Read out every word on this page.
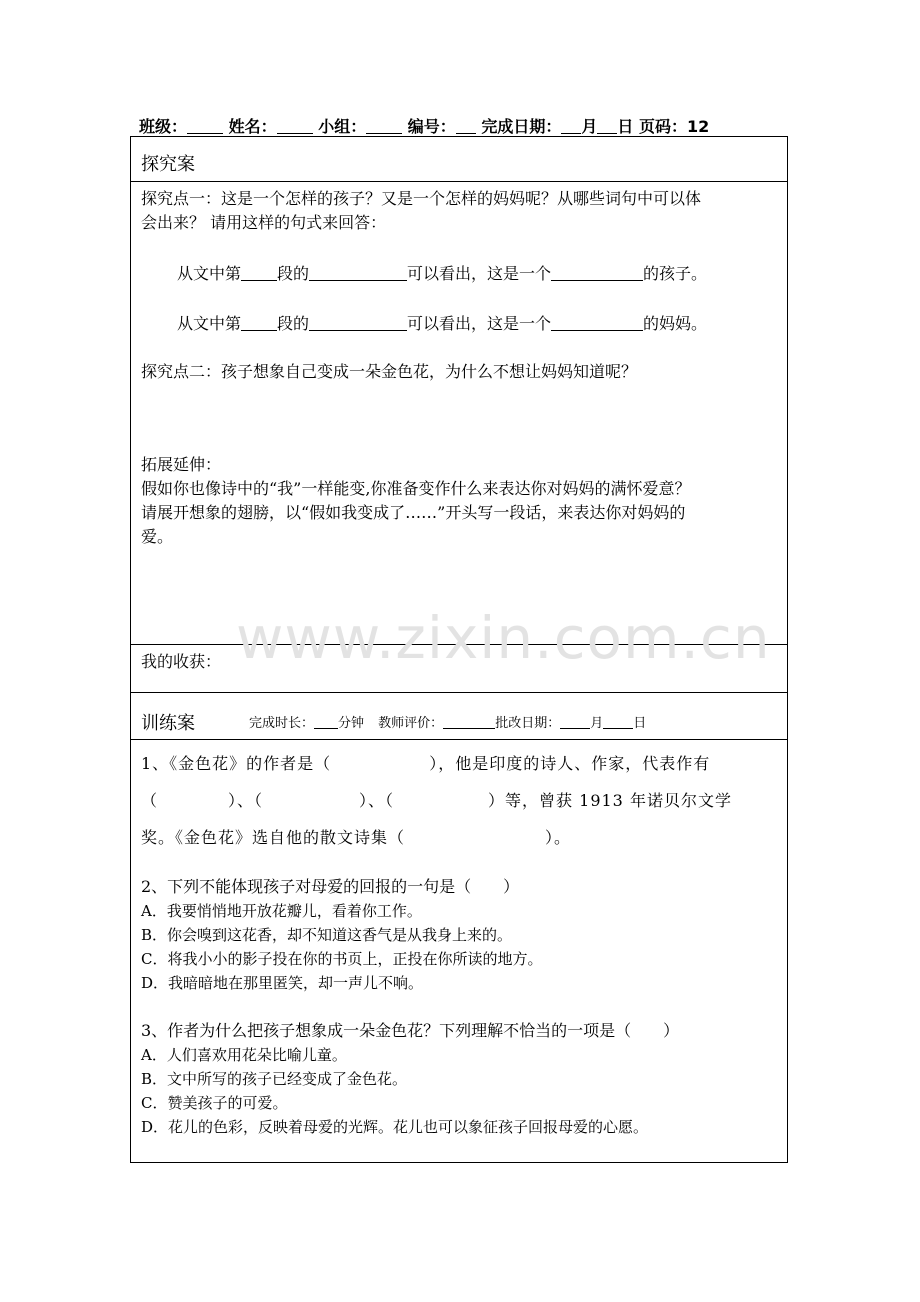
班级：	姓名：	小组：	编号： 完成日期： 月 日 页码：12
探究案
探究点一：这是一个怎样的孩子？又是一个怎样的妈妈呢？从哪些词句中可以体
会出来？ 请用这样的句式来回答：
从文中第 段的	可以看出，这是一个	的孩子。
从文中第 段的	可以看出，这是一个	的妈妈。
探究点二：孩子想象自己变成一朵金色花，为什么不想让妈妈知道呢？
拓展延伸：
假如你也像诗中的“我”一样能变,你准备变作什么来表达你对妈妈的满怀爱意？
请展开想象的翅膀，以“假如我变成了……”开头写一段话，来表达你对妈妈的
爱。
我的收获：
训练案	完成时长： 分钟 教师评价：	批改日期： 月 日
1、《金色花》的作者是（	），他是印度的诗人、作家，代表作有
（	）、（	）、（	）等，曾获 1913 年诺贝尔文学
奖。《金色花》选自他的散文诗集（	）。
2、下列不能体现孩子对母爱的回报的一句是（　　）
A．我要悄悄地开放花瓣儿，看着你工作。
B．你会嗅到这花香，却不知道这香气是从我身上来的。
C．将我小小的影子投在你的书页上，正投在你所读的地方。
D．我暗暗地在那里匿笑，却一声儿不响。
3、作者为什么把孩子想象成一朵金色花？下列理解不恰当的一项是（　　）
A．人们喜欢用花朵比喻儿童。
B．文中所写的孩子已经变成了金色花。
C．赞美孩子的可爱。
D．花儿的色彩，反映着母爱的光辉。花儿也可以象征孩子回报母爱的心愿。
www.zixin.com.cn
